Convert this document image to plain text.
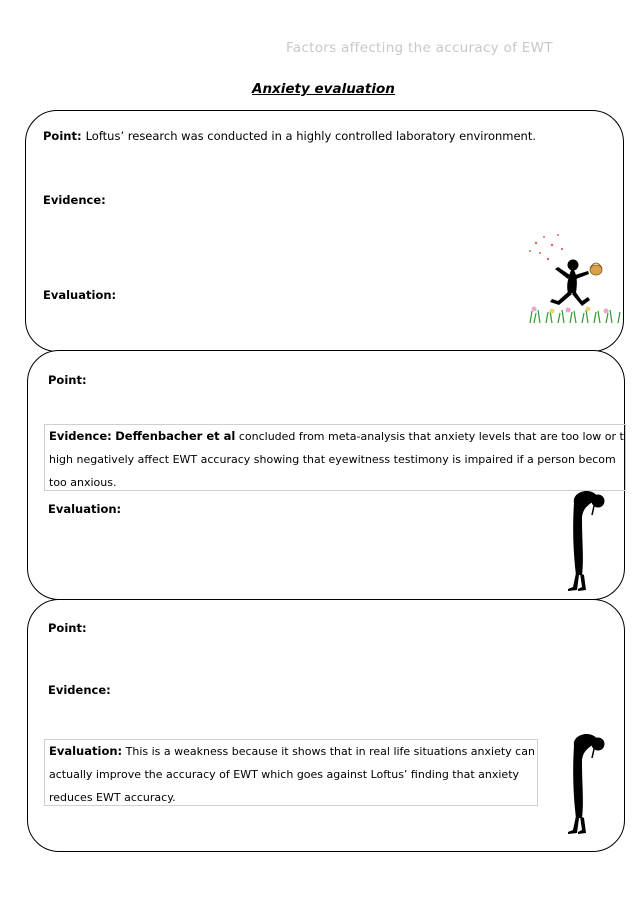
Factors affecting the accuracy of EWT
Anxiety evaluation
Point: Loftus’ research was conducted in a highly controlled laboratory environment.
Evidence:
Evaluation:
Point:
Evidence: Deffenbacher et al concluded from meta-analysis that anxiety levels that are too low or t
high negatively affect EWT accuracy showing that eyewitness testimony is impaired if a person becom
too anxious.
Evaluation:
Point:
Evidence:
Evaluation: This is a weakness because it shows that in real life situations anxiety can
actually improve the accuracy of EWT which goes against Loftus’ finding that anxiety
reduces EWT accuracy.
